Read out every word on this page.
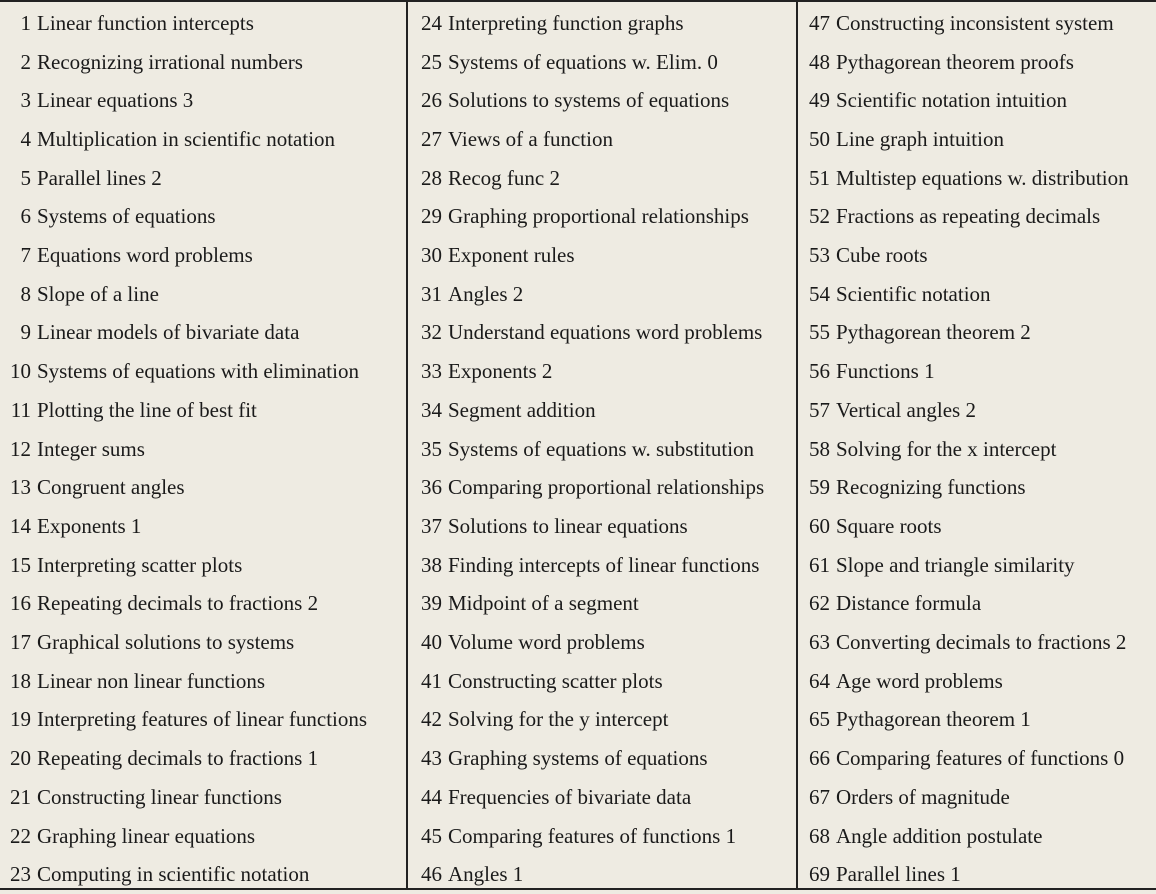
1 Linear function intercepts
2 Recognizing irrational numbers
3 Linear equations 3
4 Multiplication in scientific notation
5 Parallel lines 2
6 Systems of equations
7 Equations word problems
8 Slope of a line
9 Linear models of bivariate data
10 Systems of equations with elimination
11 Plotting the line of best fit
12 Integer sums
13 Congruent angles
14 Exponents 1
15 Interpreting scatter plots
16 Repeating decimals to fractions 2
17 Graphical solutions to systems
18 Linear non linear functions
19 Interpreting features of linear functions
20 Repeating decimals to fractions 1
21 Constructing linear functions
22 Graphing linear equations
23 Computing in scientific notation
24 Interpreting function graphs
25 Systems of equations w. Elim. 0
26 Solutions to systems of equations
27 Views of a function
28 Recog func 2
29 Graphing proportional relationships
30 Exponent rules
31 Angles 2
32 Understand equations word problems
33 Exponents 2
34 Segment addition
35 Systems of equations w. substitution
36 Comparing proportional relationships
37 Solutions to linear equations
38 Finding intercepts of linear functions
39 Midpoint of a segment
40 Volume word problems
41 Constructing scatter plots
42 Solving for the y intercept
43 Graphing systems of equations
44 Frequencies of bivariate data
45 Comparing features of functions 1
46 Angles 1
47 Constructing inconsistent system
48 Pythagorean theorem proofs
49 Scientific notation intuition
50 Line graph intuition
51 Multistep equations w. distribution
52 Fractions as repeating decimals
53 Cube roots
54 Scientific notation
55 Pythagorean theorem 2
56 Functions 1
57 Vertical angles 2
58 Solving for the x intercept
59 Recognizing functions
60 Square roots
61 Slope and triangle similarity
62 Distance formula
63 Converting decimals to fractions 2
64 Age word problems
65 Pythagorean theorem 1
66 Comparing features of functions 0
67 Orders of magnitude
68 Angle addition postulate
69 Parallel lines 1
